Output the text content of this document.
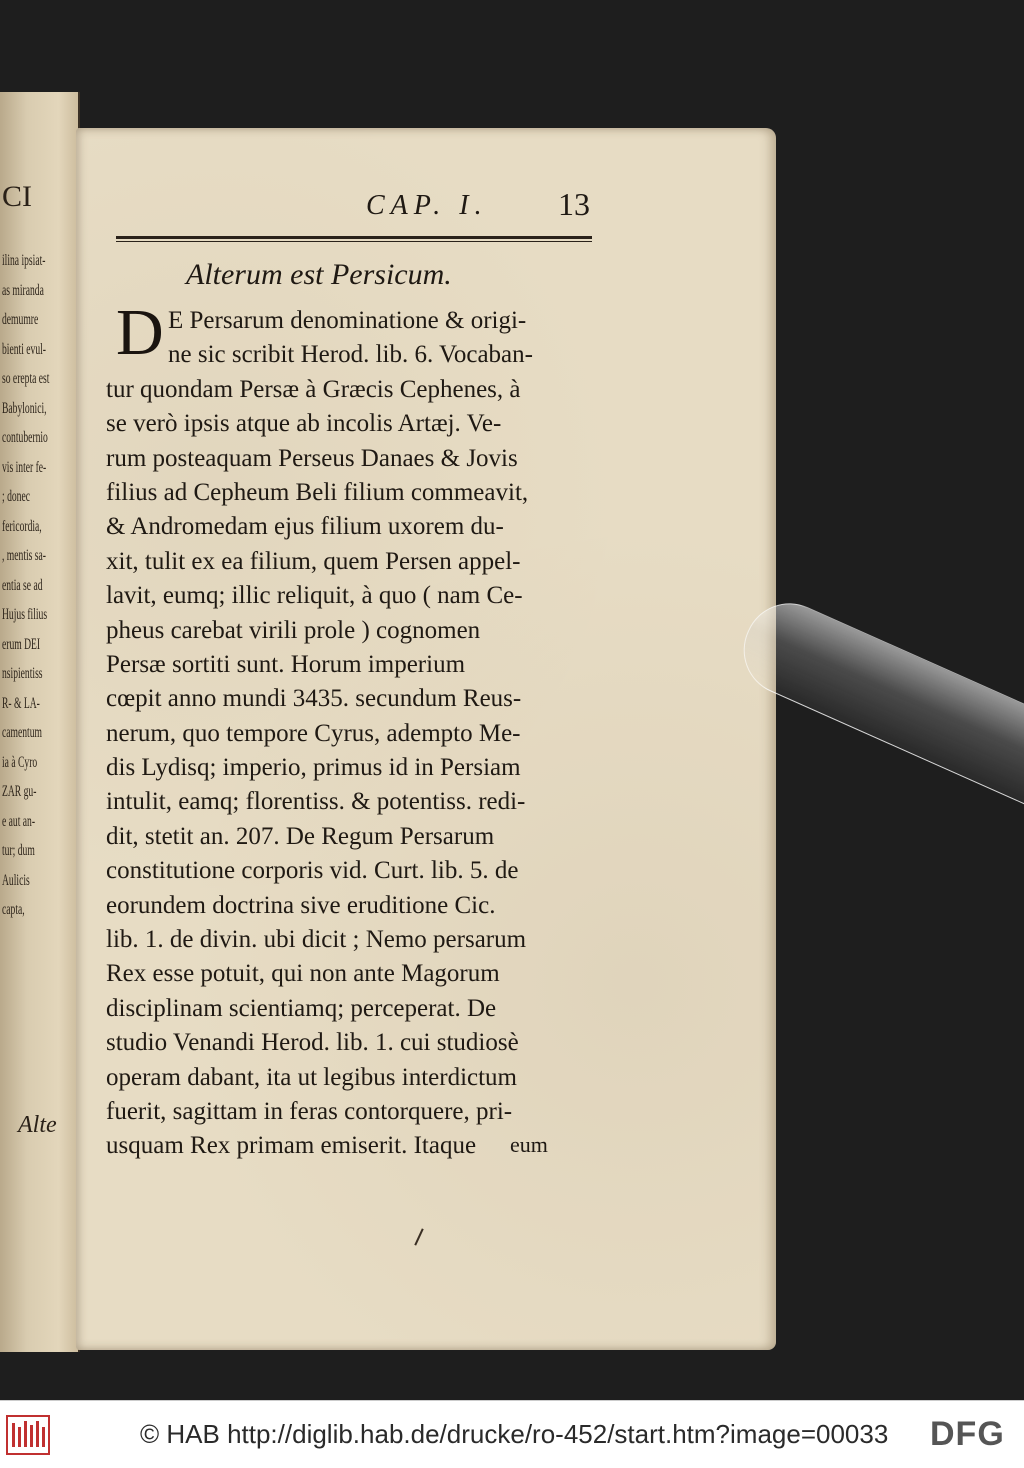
CI
ilina ipsiat-
as miranda
demumre
bienti evul-
so erepta est
Babylonici,
contubernio
vis inter fe-
; donec
fericordia,
, mentis sa-
entia se ad
Hujus filius
erum DEI
nsipientiss
R- & LA-
camentum
ia à Cyro
ZAR gu-
e aut an-
tur; dum
Aulicis
capta,
Alte
CAP. I. 13
Alterum est Persicum.
D E Persarum denominatione & origi-
ne sic scribit Herod. lib. 6. Vocaban-
tur quondam Persæ à Græcis Cephenes, à
se verò ipsis atque ab incolis Artæj. Ve-
rum posteaquam Perseus Danaes & Jovis
filius ad Cepheum Beli filium commeavit,
& Andromedam ejus filium uxorem du-
xit, tulit ex ea filium, quem Persen appel-
lavit, eumq; illic reliquit, à quo ( nam Ce-
pheus carebat virili prole ) cognomen
Persæ sortiti sunt. Horum imperium
cœpit anno mundi 3435. secundum Reus-
nerum, quo tempore Cyrus, adempto Me-
dis Lydisq; imperio, primus id in Persiam
intulit, eamq; florentiss. & potentiss. redi-
dit, stetit an. 207. De Regum Persarum
constitutione corporis vid. Curt. lib. 5. de
eorundem doctrina sive eruditione Cic.
lib. 1. de divin. ubi dicit ; Nemo persarum
Rex esse potuit, qui non ante Magorum
disciplinam scientiamq; perceperat. De
studio Venandi Herod. lib. 1. cui studiosè
operam dabant, ita ut legibus interdictum
fuerit, sagittam in feras contorquere, pri-
usquam Rex primam emiserit. Itaque	eum
© HAB http://diglib.hab.de/drucke/ro-452/start.htm?image=00033 DFG
